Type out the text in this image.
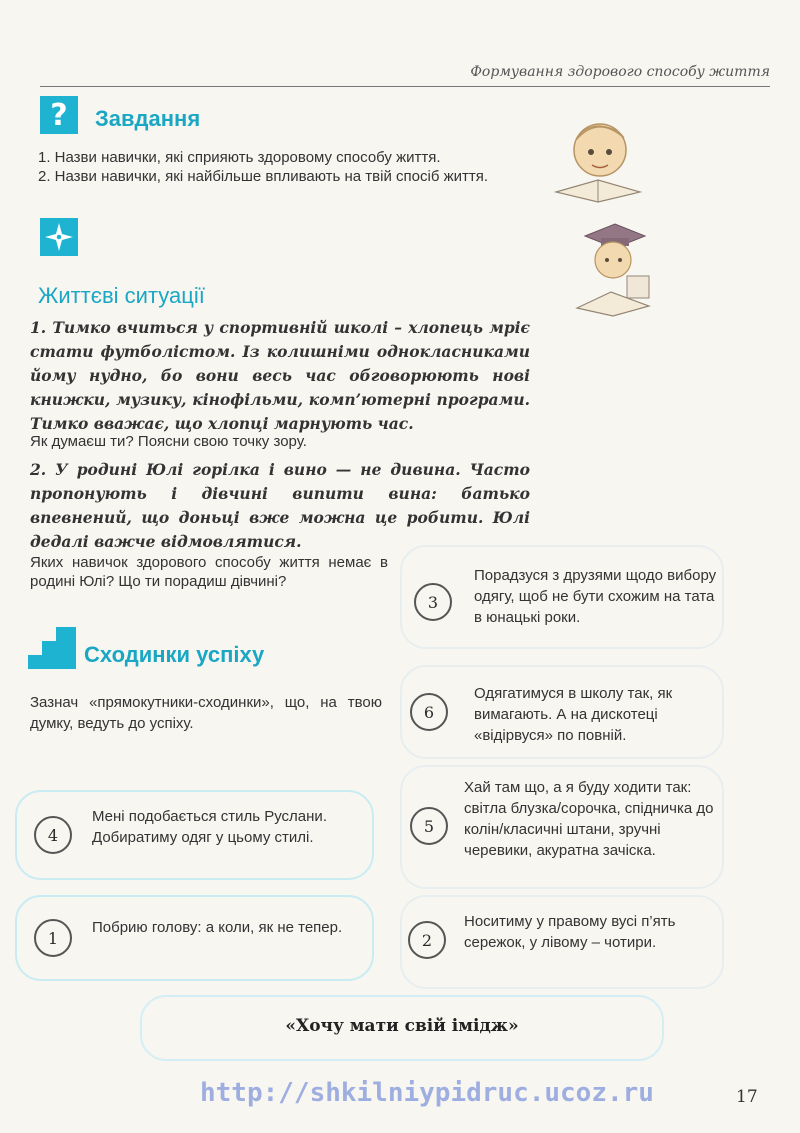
Формування здорового способу життя
? Завдання
1. Назви навички, які сприяють здоровому способу життя.
2. Назви навички, які найбільше впливають на твій спосіб життя.
Життєві ситуації
1. Тимко вчиться у спортивній школі – хлопець мріє стати футболістом. Із колишніми однокласниками йому нудно, бо вони весь час обговорюють нові книжки, музику, кінофільми, комп’ютерні програми. Тимко вважає, що хлопці марнують час.
Як думаєш ти? Поясни свою точку зору.
2. У родині Юлі горілка і вино — не дивина. Часто пропонують і дівчині випити вина: батько впевнений, що доньці вже можна це робити. Юлі дедалі важче відмовлятися.
Яких навичок здорового способу життя немає в родині Юлі? Що ти порадиш дівчині?
Сходинки успіху
Зазнач «прямокутники-сходинки», що, на твою думку, ведуть до успіху.
3
Порадзуся з друзями щодо вибору одягу, щоб не бути схожим на тата в юнацькі роки.
6
Одягатимуся в школу так, як вимагають. А на дискотеці «відірвуся» по повній.
4
Мені подобається стиль Руслани. Добиратиму одяг у цьому стилі.
5
Хай там що, а я буду ходити так: світла блузка/сорочка, спідничка до колін/класичні штани, зручні черевики, акуратна зачіска.
1
Побрию голову: а коли, як не тепер.
2
Носитиму у правому вусі п’ять сережок, у лівому – чотири.
«Хочу мати свій імідж»
http://shkilniypidruc.ucoz.ru	17
